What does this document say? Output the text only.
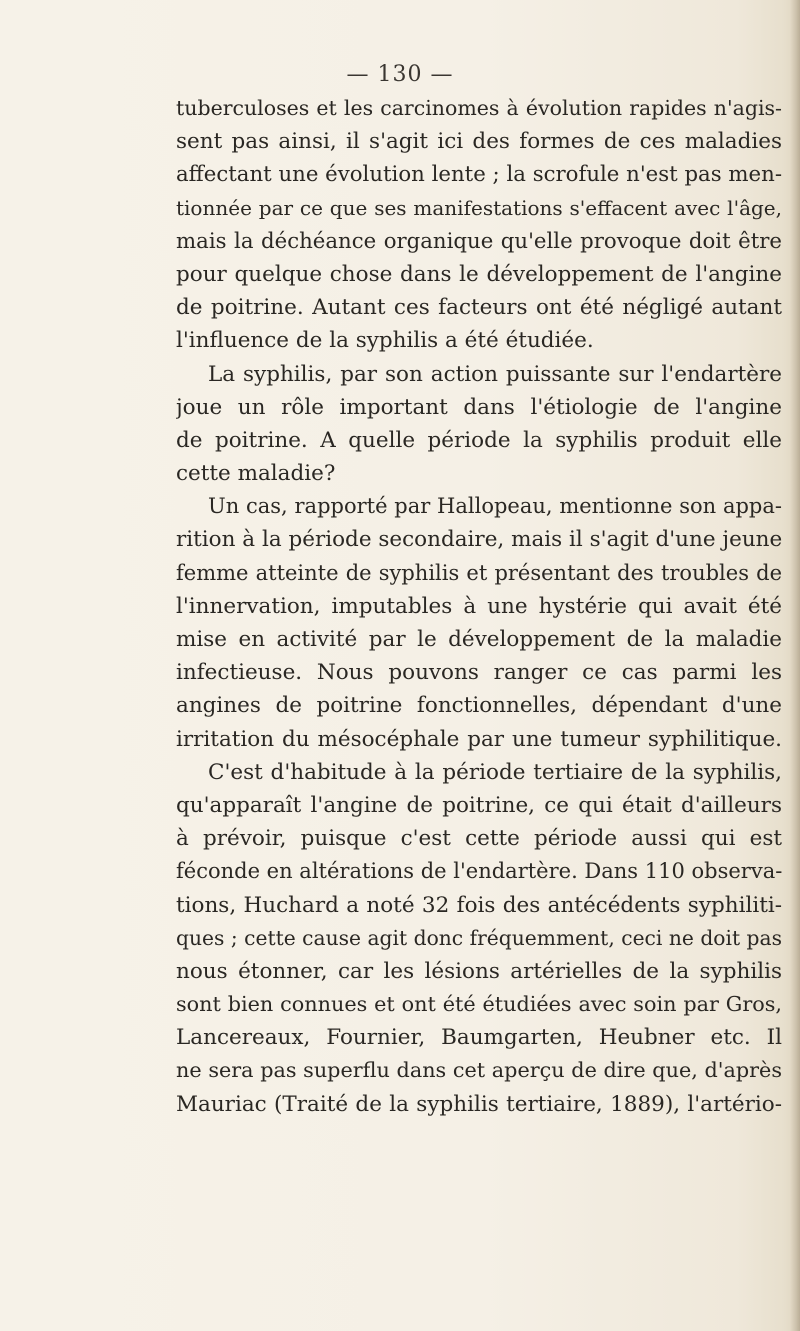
— 130 —
tuberculoses et les carcinomes à évolution rapides n'agis-
sent pas ainsi, il s'agit ici des formes de ces maladies
affectant une évolution lente ; la scrofule n'est pas men-
tionnée par ce que ses manifestations s'effacent avec l'âge,
mais la déchéance organique qu'elle provoque doit être
pour quelque chose dans le développement de l'angine
de poitrine. Autant ces facteurs ont été négligé autant
l'influence de la syphilis a été étudiée.
La syphilis, par son action puissante sur l'endartère
joue un rôle important dans l'étiologie de l'angine
de poitrine. A quelle période la syphilis produit elle
cette maladie?
Un cas, rapporté par Hallopeau, mentionne son appa-
rition à la période secondaire, mais il s'agit d'une jeune
femme atteinte de syphilis et présentant des troubles de
l'innervation, imputables à une hystérie qui avait été
mise en activité par le développement de la maladie
infectieuse. Nous pouvons ranger ce cas parmi les
angines de poitrine fonctionnelles, dépendant d'une
irritation du mésocéphale par une tumeur syphilitique.
C'est d'habitude à la période tertiaire de la syphilis,
qu'apparaît l'angine de poitrine, ce qui était d'ailleurs
à prévoir, puisque c'est cette période aussi qui est
féconde en altérations de l'endartère. Dans 110 observa-
tions, Huchard a noté 32 fois des antécédents syphiliti-
ques ; cette cause agit donc fréquemment, ceci ne doit pas
nous étonner, car les lésions artérielles de la syphilis
sont bien connues et ont été étudiées avec soin par Gros,
Lancereaux, Fournier, Baumgarten, Heubner etc. Il
ne sera pas superflu dans cet aperçu de dire que, d'après
Mauriac (Traité de la syphilis tertiaire, 1889), l'artério-
